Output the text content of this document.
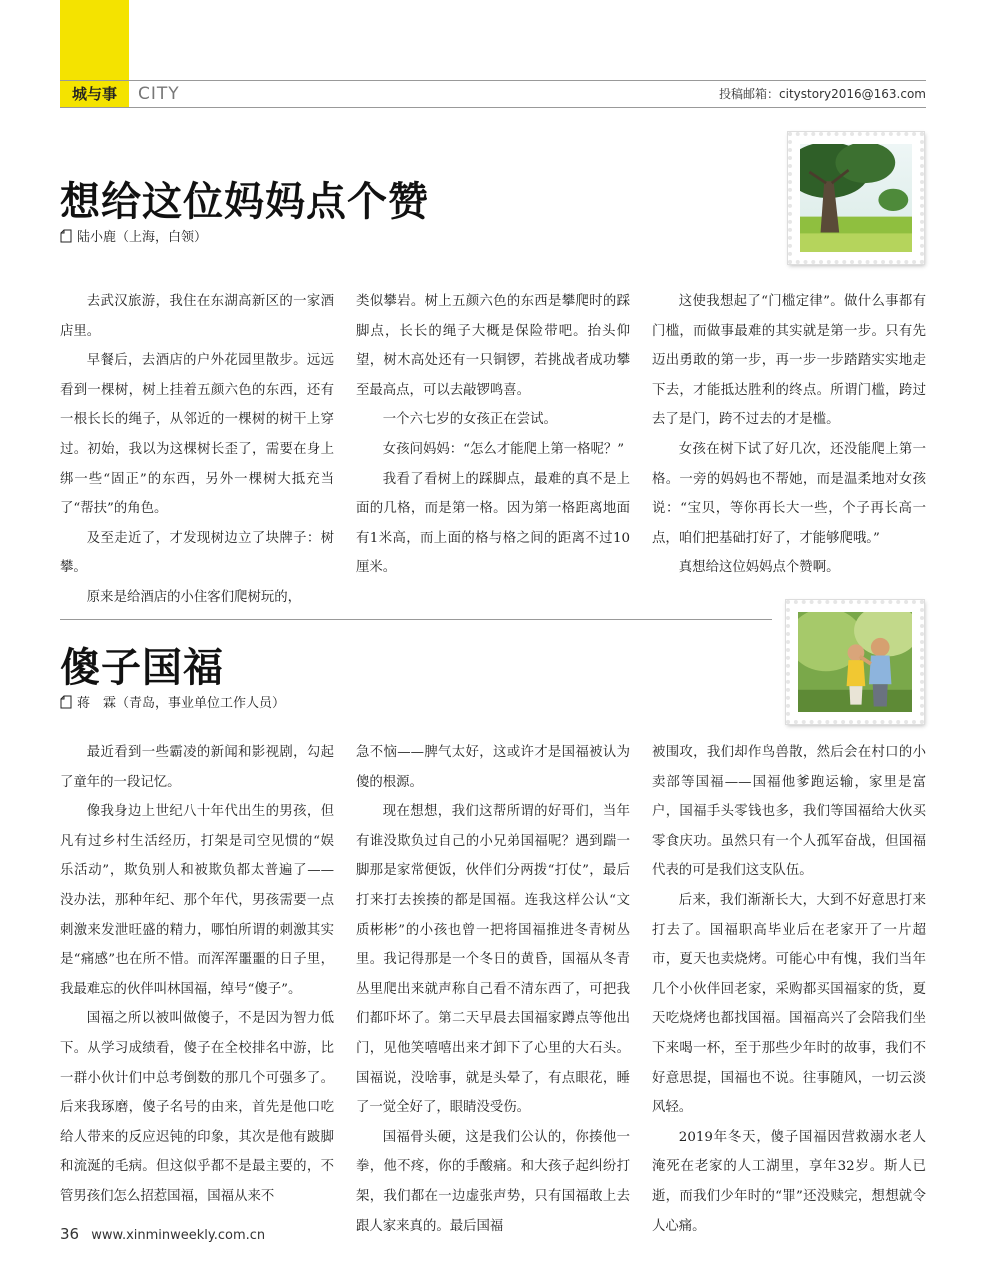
城与事	CITY	投稿邮箱：citystory2016@163.com
想给这位妈妈点个赞
陆小鹿（上海，白领）

去武汉旅游，我住在东湖高新区的一家酒店里。

早餐后，去酒店的户外花园里散步。远远看到一棵树，树上挂着五颜六色的东西，还有一根长长的绳子，从邻近的一棵树的树干上穿过。初始，我以为这棵树长歪了，需要在身上绑一些“固正”的东西，另外一棵树大抵充当了“帮扶”的角色。

及至走近了，才发现树边立了块牌子：树攀。

原来是给酒店的小住客们爬树玩的，

类似攀岩。树上五颜六色的东西是攀爬时的踩脚点，长长的绳子大概是保险带吧。抬头仰望，树木高处还有一只铜锣，若挑战者成功攀至最高点，可以去敲锣鸣喜。

一个六七岁的女孩正在尝试。

女孩问妈妈：“怎么才能爬上第一格呢？”

我看了看树上的踩脚点，最难的真不是上面的几格，而是第一格。因为第一格距离地面有1米高，而上面的格与格之间的距离不过10厘米。

这使我想起了“门槛定律”。做什么事都有门槛，而做事最难的其实就是第一步。只有先迈出勇敢的第一步，再一步一步踏踏实实地走下去，才能抵达胜利的终点。所谓门槛，跨过去了是门，跨不过去的才是槛。

女孩在树下试了好几次，还没能爬上第一格。一旁的妈妈也不帮她，而是温柔地对女孩说：“宝贝，等你再长大一些，个子再长高一点，咱们把基础打好了，才能够爬哦。”

真想给这位妈妈点个赞啊。

傻子国福
蒋　霖（青岛，事业单位工作人员）

最近看到一些霸凌的新闻和影视剧，勾起了童年的一段记忆。

像我身边上世纪八十年代出生的男孩，但凡有过乡村生活经历，打架是司空见惯的“娱乐活动”，欺负别人和被欺负都太普遍了——没办法，那种年纪、那个年代，男孩需要一点刺激来发泄旺盛的精力，哪怕所谓的刺激其实是“痛感”也在所不惜。而浑浑噩噩的日子里，我最难忘的伙伴叫林国福，绰号“傻子”。

国福之所以被叫做傻子，不是因为智力低下。从学习成绩看，傻子在全校排名中游，比一群小伙计们中总考倒数的那几个可强多了。后来我琢磨，傻子名号的由来，首先是他口吃给人带来的反应迟钝的印象，其次是他有跛脚和流涎的毛病。但这似乎都不是最主要的，不管男孩们怎么招惹国福，国福从来不

急不恼——脾气太好，这或许才是国福被认为傻的根源。

现在想想，我们这帮所谓的好哥们，当年有谁没欺负过自己的小兄弟国福呢？遇到踹一脚那是家常便饭，伙伴们分两拨“打仗”，最后打来打去挨揍的都是国福。连我这样公认“文质彬彬”的小孩也曾一把将国福推进冬青树丛里。我记得那是一个冬日的黄昏，国福从冬青丛里爬出来就声称自己看不清东西了，可把我们都吓坏了。第二天早晨去国福家蹲点等他出门，见他笑嘻嘻出来才卸下了心里的大石头。国福说，没啥事，就是头晕了，有点眼花，睡了一觉全好了，眼睛没受伤。

国福骨头硬，这是我们公认的，你揍他一拳，他不疼，你的手酸痛。和大孩子起纠纷打架，我们都在一边虚张声势，只有国福敢上去跟人家来真的。最后国福

被围攻，我们却作鸟兽散，然后会在村口的小卖部等国福——国福他爹跑运输，家里是富户，国福手头零钱也多，我们等国福给大伙买零食庆功。虽然只有一个人孤军奋战，但国福代表的可是我们这支队伍。

后来，我们渐渐长大，大到不好意思打来打去了。国福职高毕业后在老家开了一片超市，夏天也卖烧烤。可能心中有愧，我们当年几个小伙伴回老家，采购都买国福家的货，夏天吃烧烤也都找国福。国福高兴了会陪我们坐下来喝一杯，至于那些少年时的故事，我们不好意思提，国福也不说。往事随风，一切云淡风轻。

2019年冬天，傻子国福因营救溺水老人淹死在老家的人工湖里，享年32岁。斯人已逝，而我们少年时的“罪”还没赎完，想想就令人心痛。

36 www.xinminweekly.com.cn
